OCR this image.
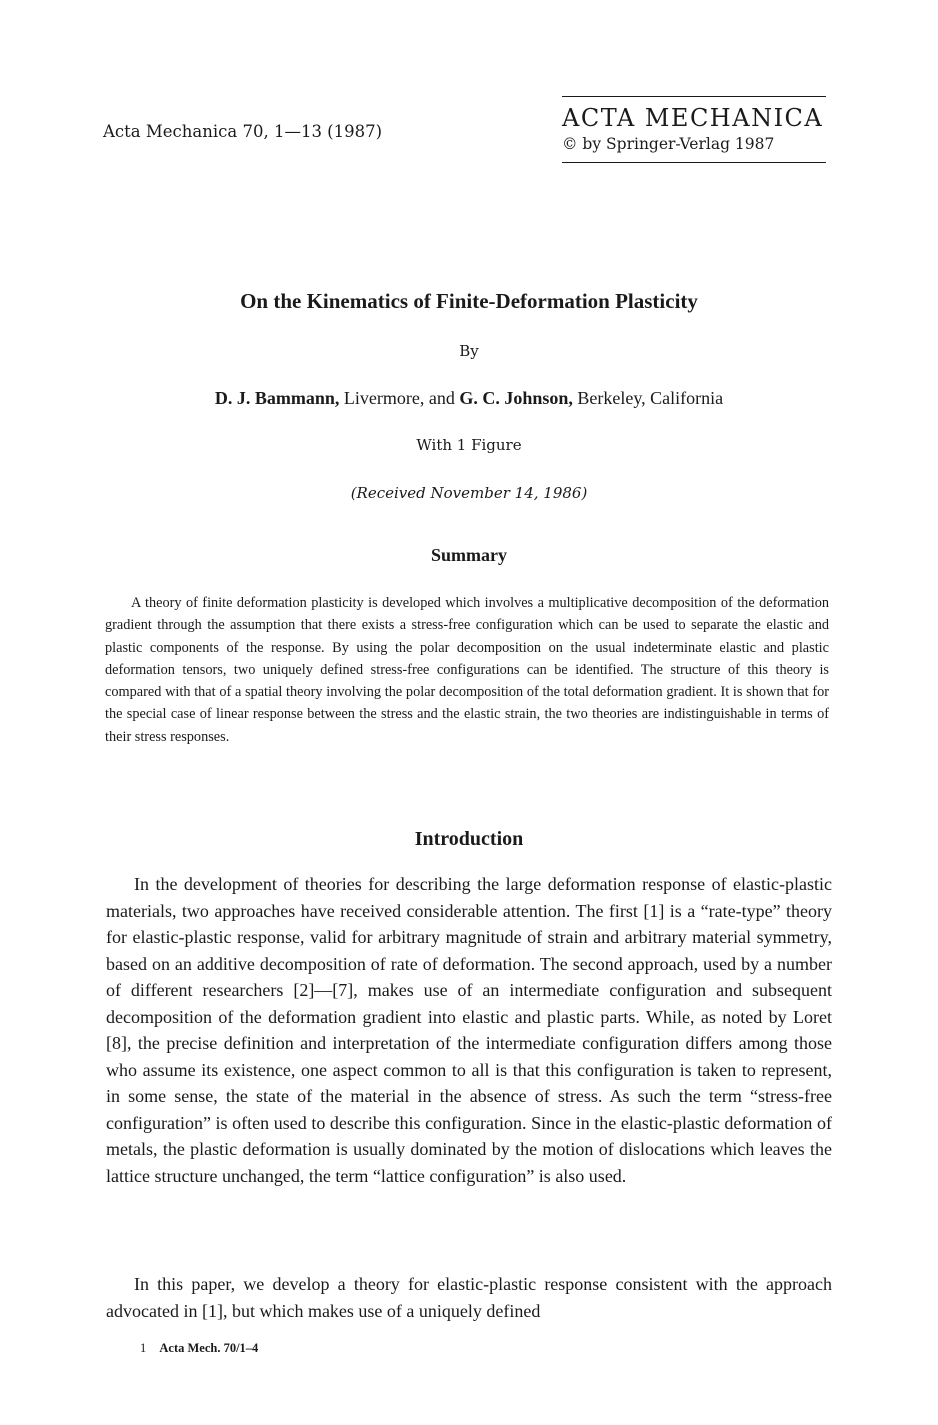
Acta Mechanica 70, 1—13 (1987)	ACTA MECHANICA
© by Springer-Verlag 1987
On the Kinematics of Finite-Deformation Plasticity
By
D. J. Bammann, Livermore, and G. C. Johnson, Berkeley, California
With 1 Figure
(Received November 14, 1986)
Summary
A theory of finite deformation plasticity is developed which involves a multiplicative decomposition of the deformation gradient through the assumption that there exists a stress-free configuration which can be used to separate the elastic and plastic components of the response. By using the polar decomposition on the usual indeterminate elastic and plastic deformation tensors, two uniquely defined stress-free configurations can be identified. The structure of this theory is compared with that of a spatial theory involving the polar decomposition of the total deformation gradient. It is shown that for the special case of linear response between the stress and the elastic strain, the two theories are indistinguishable in terms of their stress responses.
Introduction
In the development of theories for describing the large deformation response of elastic-plastic materials, two approaches have received considerable attention. The first [1] is a “rate-type” theory for elastic-plastic response, valid for arbitrary magnitude of strain and arbitrary material symmetry, based on an additive decomposition of rate of deformation. The second approach, used by a number of different researchers [2]—[7], makes use of an intermediate configuration and subsequent decomposition of the deformation gradient into elastic and plastic parts. While, as noted by Loret [8], the precise definition and interpretation of the intermediate configuration differs among those who assume its existence, one aspect common to all is that this configuration is taken to represent, in some sense, the state of the material in the absence of stress. As such the term “stress-free configuration” is often used to describe this configuration. Since in the elastic-plastic deformation of metals, the plastic deformation is usually dominated by the motion of dislocations which leaves the lattice structure unchanged, the term “lattice configuration” is also used.
In this paper, we develop a theory for elastic-plastic response consistent with the approach advocated in [1], but which makes use of a uniquely defined
1 Acta Mech. 70/1–4
